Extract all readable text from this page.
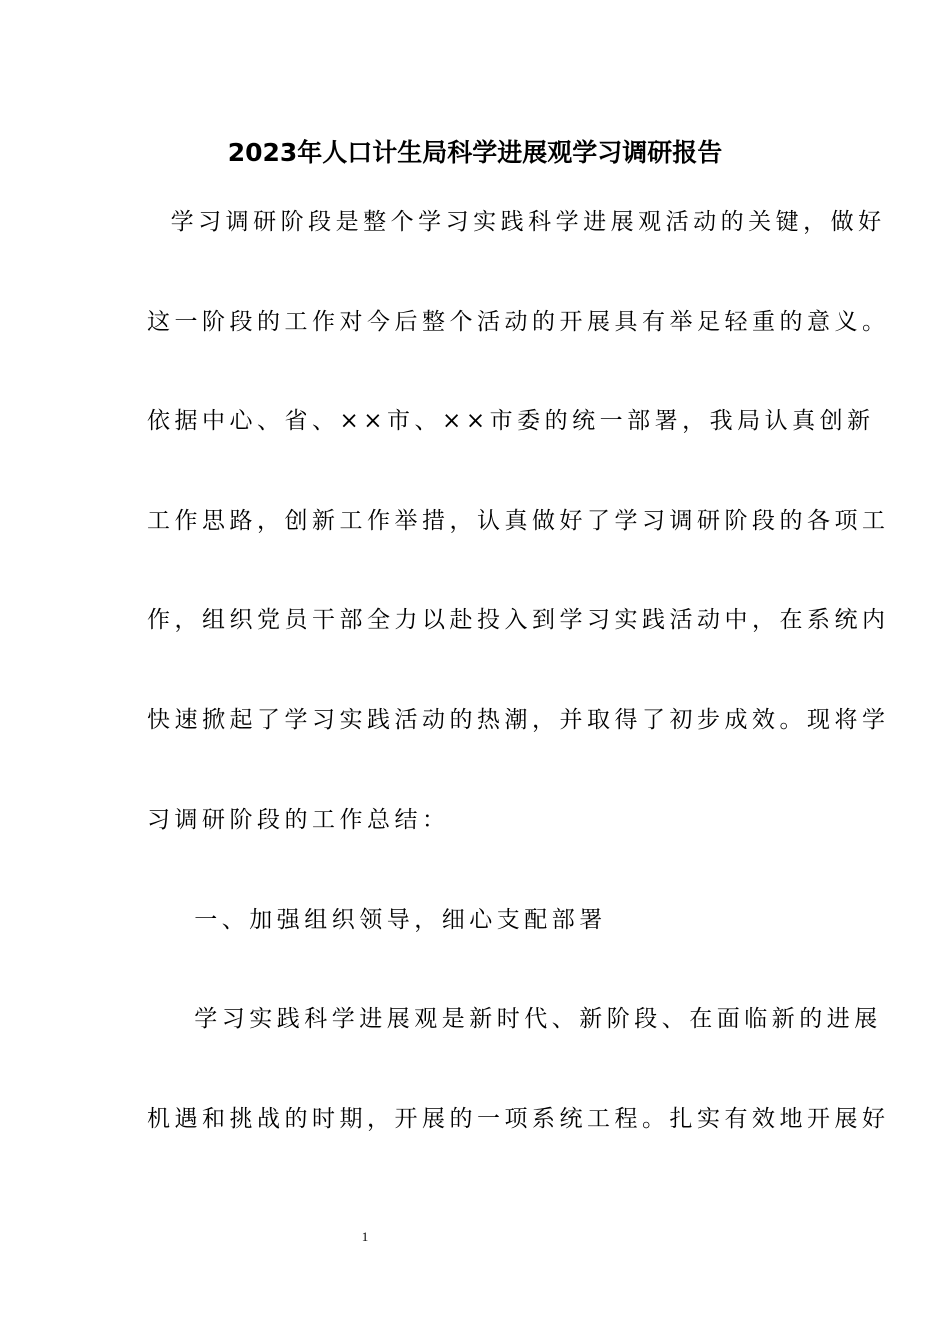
2023年人口计生局科学进展观学习调研报告
学习调研阶段是整个学习实践科学进展观活动的关键，做好
这一阶段的工作对今后整个活动的开展具有举足轻重的意义。
依据中心、省、××市、××市委的统一部署，我局认真创新
工作思路，创新工作举措，认真做好了学习调研阶段的各项工
作，组织党员干部全力以赴投入到学习实践活动中，在系统内
快速掀起了学习实践活动的热潮，并取得了初步成效。现将学
习调研阶段的工作总结：
一、加强组织领导，细心支配部署
学习实践科学进展观是新时代、新阶段、在面临新的进展
机遇和挑战的时期，开展的一项系统工程。扎实有效地开展好
1
